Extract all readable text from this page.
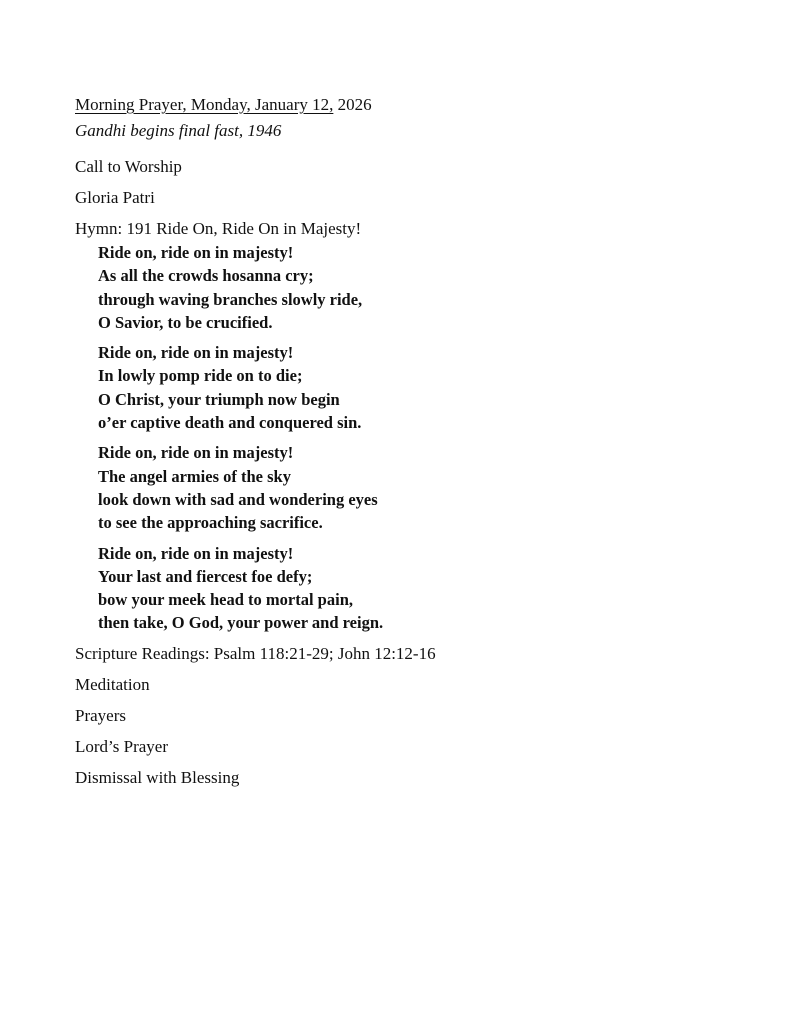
Morning Prayer, Monday, January 12, 2026
Gandhi begins final fast, 1946
Call to Worship
Gloria Patri
Hymn: 191 Ride On, Ride On in Majesty!
Ride on, ride on in majesty!
As all the crowds hosanna cry;
through waving branches slowly ride,
O Savior, to be crucified.
Ride on, ride on in majesty!
In lowly pomp ride on to die;
O Christ, your triumph now begin
o’er captive death and conquered sin.
Ride on, ride on in majesty!
The angel armies of the sky
look down with sad and wondering eyes
to see the approaching sacrifice.
Ride on, ride on in majesty!
Your last and fiercest foe defy;
bow your meek head to mortal pain,
then take, O God, your power and reign.
Scripture Readings: Psalm 118:21-29; John 12:12-16
Meditation
Prayers
Lord’s Prayer
Dismissal with Blessing
